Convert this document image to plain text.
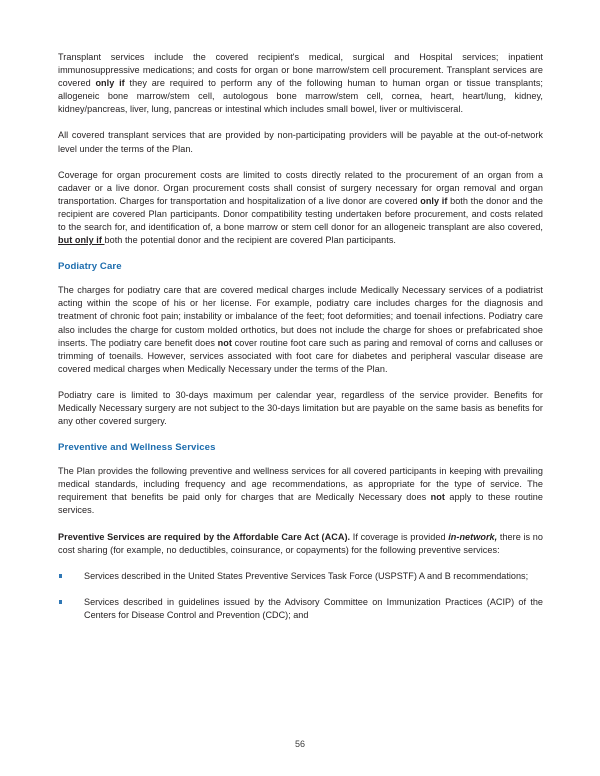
Transplant services include the covered recipient's medical, surgical and Hospital services; inpatient immunosuppressive medications; and costs for organ or bone marrow/stem cell procurement. Transplant services are covered only if they are required to perform any of the following human to human organ or tissue transplants; allogeneic bone marrow/stem cell, autologous bone marrow/stem cell, cornea, heart, heart/lung, kidney, kidney/pancreas, liver, lung, pancreas or intestinal which includes small bowel, liver or multivisceral.

All covered transplant services that are provided by non-participating providers will be payable at the out-of-network level under the terms of the Plan.

Coverage for organ procurement costs are limited to costs directly related to the procurement of an organ from a cadaver or a live donor. Organ procurement costs shall consist of surgery necessary for organ removal and organ transportation. Charges for transportation and hospitalization of a live donor are covered only if both the donor and the recipient are covered Plan participants. Donor compatibility testing undertaken before procurement, and costs related to the search for, and identification of, a bone marrow or stem cell donor for an allogeneic transplant are also covered, but only if both the potential donor and the recipient are covered Plan participants.

Podiatry Care

The charges for podiatry care that are covered medical charges include Medically Necessary services of a podiatrist acting within the scope of his or her license. For example, podiatry care includes charges for the diagnosis and treatment of chronic foot pain; instability or imbalance of the feet; foot deformities; and toenail infections. Podiatry care also includes the charge for custom molded orthotics, but does not include the charge for shoes or prefabricated shoe inserts. The podiatry care benefit does not cover routine foot care such as paring and removal of corns and calluses or trimming of toenails. However, services associated with foot care for diabetes and peripheral vascular disease are covered medical charges when Medically Necessary under the terms of the Plan.

Podiatry care is limited to 30-days maximum per calendar year, regardless of the service provider. Benefits for Medically Necessary surgery are not subject to the 30-days limitation but are payable on the same basis as benefits for any other covered surgery.

Preventive and Wellness Services

The Plan provides the following preventive and wellness services for all covered participants in keeping with prevailing medical standards, including frequency and age recommendations, as appropriate for the type of service. The requirement that benefits be paid only for charges that are Medically Necessary does not apply to these routine services.

Preventive Services are required by the Affordable Care Act (ACA). If coverage is provided in-network, there is no cost sharing (for example, no deductibles, coinsurance, or copayments) for the following preventive services:

Services described in the United States Preventive Services Task Force (USPSTF) A and B recommendations;
Services described in guidelines issued by the Advisory Committee on Immunization Practices (ACIP) of the Centers for Disease Control and Prevention (CDC); and
56
